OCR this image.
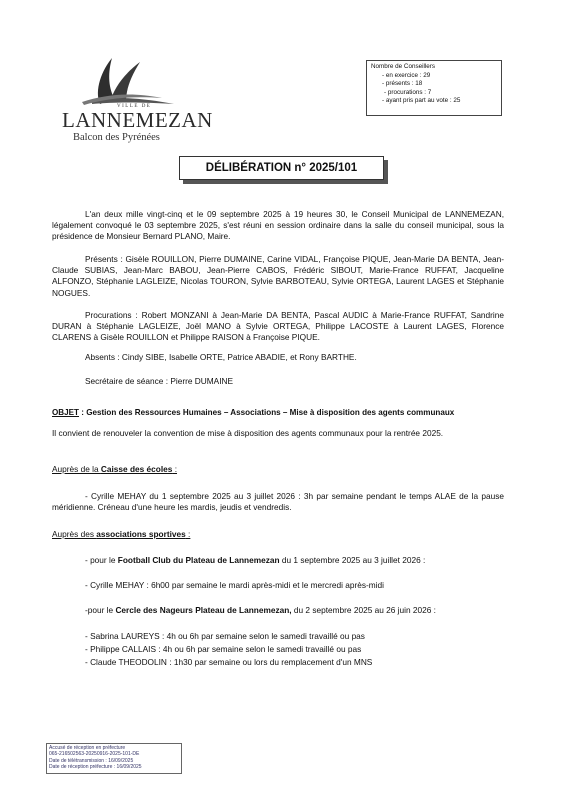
VILLE DE
LANNEMEZAN
Balcon des Pyrénées
Nombre de Conseillers
- en exercice : 29
- présents : 18
- procurations : 7
- ayant pris part au vote : 25
DÉLIBÉRATION n° 2025/101
L'an deux mille vingt-cinq et le 09 septembre 2025 à 19 heures 30, le Conseil Municipal de LANNEMEZAN, légalement convoqué le 03 septembre 2025, s'est réuni en session ordinaire dans la salle du conseil municipal, sous la présidence de Monsieur Bernard PLANO, Maire.
Présents : Gisèle ROUILLON, Pierre DUMAINE, Carine VIDAL, Françoise PIQUE, Jean-Marie DA BENTA, Jean-Claude SUBIAS, Jean-Marc BABOU, Jean-Pierre CABOS, Frédéric SIBOUT, Marie-France RUFFAT, Jacqueline ALFONZO, Stéphanie LAGLEIZE, Nicolas TOURON, Sylvie BARBOTEAU, Sylvie ORTEGA, Laurent LAGES et Stéphanie NOGUES.
Procurations : Robert MONZANI à Jean-Marie DA BENTA, Pascal AUDIC à Marie-France RUFFAT, Sandrine DURAN à Stéphanie LAGLEIZE, Joël MANO à Sylvie ORTEGA, Philippe LACOSTE à Laurent LAGES, Florence CLARENS à Gisèle ROUILLON et Philippe RAISON à Françoise PIQUE.
Absents : Cindy SIBE, Isabelle ORTE, Patrice ABADIE, et Rony BARTHE.
Secrétaire de séance : Pierre DUMAINE
OBJET : Gestion des Ressources Humaines – Associations – Mise à disposition des agents communaux
Il convient de renouveler la convention de mise à disposition des agents communaux pour la rentrée 2025.
Auprès de la Caisse des écoles :
- Cyrille MEHAY du 1 septembre 2025 au 3 juillet 2026 : 3h par semaine pendant le temps ALAE de la pause méridienne. Créneau d'une heure les mardis, jeudis et vendredis.
Auprès des associations sportives :
- pour le Football Club du Plateau de Lannemezan du 1 septembre 2025 au 3 juillet 2026 :
- Cyrille MEHAY : 6h00 par semaine le mardi après-midi et le mercredi après-midi
-pour le Cercle des Nageurs Plateau de Lannemezan, du 2 septembre 2025 au 26 juin 2026 :
- Sabrina LAUREYS : 4h ou 6h par semaine selon le samedi travaillé ou pas
- Philippe CALLAIS : 4h ou 6h par semaine selon le samedi travaillé ou pas
- Claude THEODOLIN : 1h30 par semaine ou lors du remplacement d'un MNS
Accusé de réception en préfecture
065-216502563-20250916-2025-101-DE
Date de télétransmission : 16/09/2025
Date de réception préfecture : 16/09/2025
